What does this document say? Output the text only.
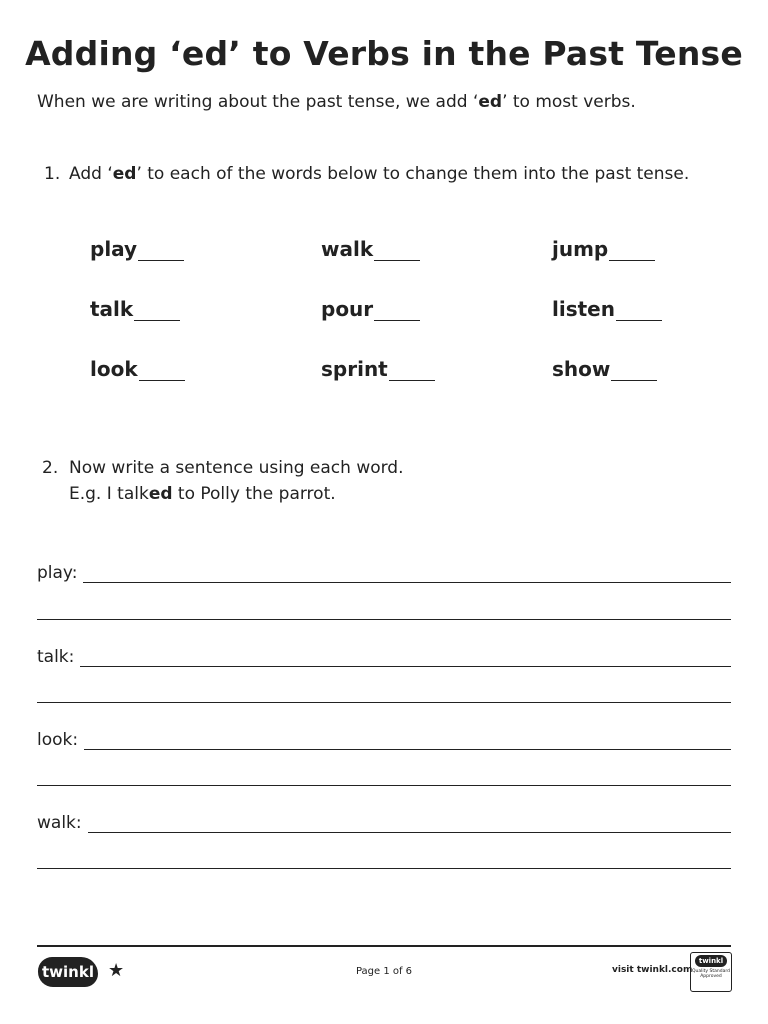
Adding ‘ed’ to Verbs in the Past Tense
When we are writing about the past tense, we add ‘ed’ to most verbs.
1. Add ‘ed’ to each of the words below to change them into the past tense.
play	walk	jump
talk	pour	listen
look	sprint	show
2. Now write a sentence using each word.
E.g. I talked to Polly the parrot.
play:
talk:
look:
walk:
twinkl ★	Page 1 of 6	visit twinkl.com
twinkl
Quality Standard Approved
